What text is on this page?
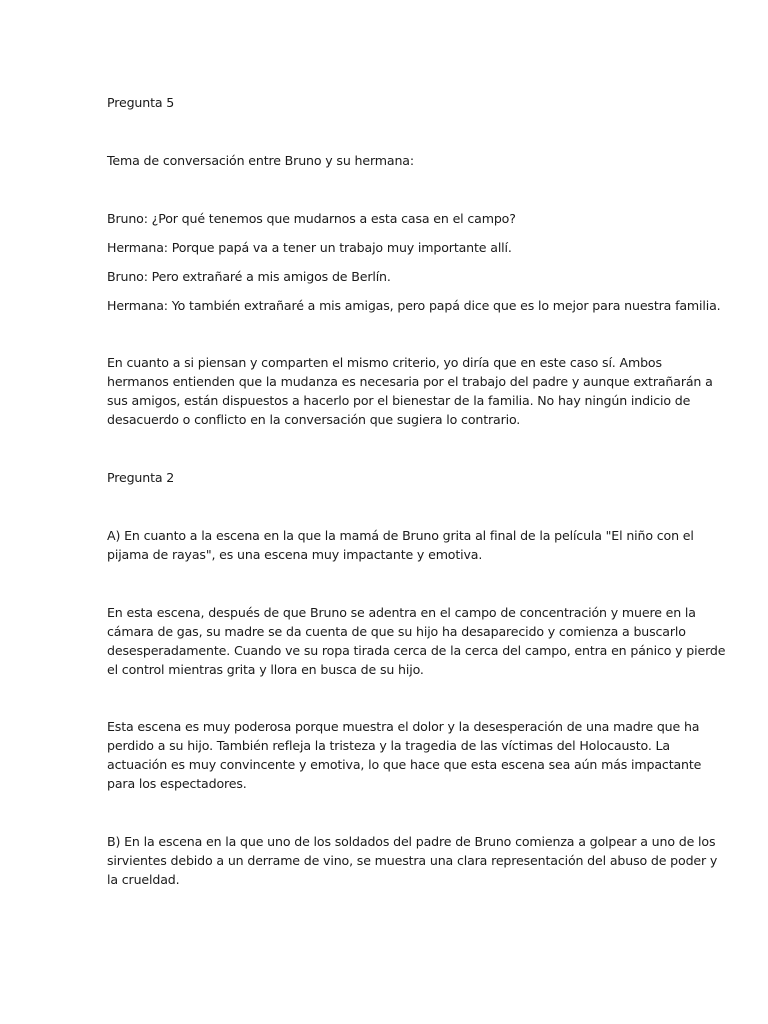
Pregunta 5

Tema de conversación entre Bruno y su hermana:

Bruno: ¿Por qué tenemos que mudarnos a esta casa en el campo?

Hermana: Porque papá va a tener un trabajo muy importante allí.

Bruno: Pero extrañaré a mis amigos de Berlín.

Hermana: Yo también extrañaré a mis amigas, pero papá dice que es lo mejor para nuestra familia.

En cuanto a si piensan y comparten el mismo criterio, yo diría que en este caso sí. Ambos
hermanos entienden que la mudanza es necesaria por el trabajo del padre y aunque extrañarán a
sus amigos, están dispuestos a hacerlo por el bienestar de la familia. No hay ningún indicio de
desacuerdo o conflicto en la conversación que sugiera lo contrario.

Pregunta 2

A) En cuanto a la escena en la que la mamá de Bruno grita al final de la película "El niño con el
pijama de rayas", es una escena muy impactante y emotiva.

En esta escena, después de que Bruno se adentra en el campo de concentración y muere en la
cámara de gas, su madre se da cuenta de que su hijo ha desaparecido y comienza a buscarlo
desesperadamente. Cuando ve su ropa tirada cerca de la cerca del campo, entra en pánico y pierde
el control mientras grita y llora en busca de su hijo.

Esta escena es muy poderosa porque muestra el dolor y la desesperación de una madre que ha
perdido a su hijo. También refleja la tristeza y la tragedia de las víctimas del Holocausto. La
actuación es muy convincente y emotiva, lo que hace que esta escena sea aún más impactante
para los espectadores.

B) En la escena en la que uno de los soldados del padre de Bruno comienza a golpear a uno de los
sirvientes debido a un derrame de vino, se muestra una clara representación del abuso de poder y
la crueldad.
